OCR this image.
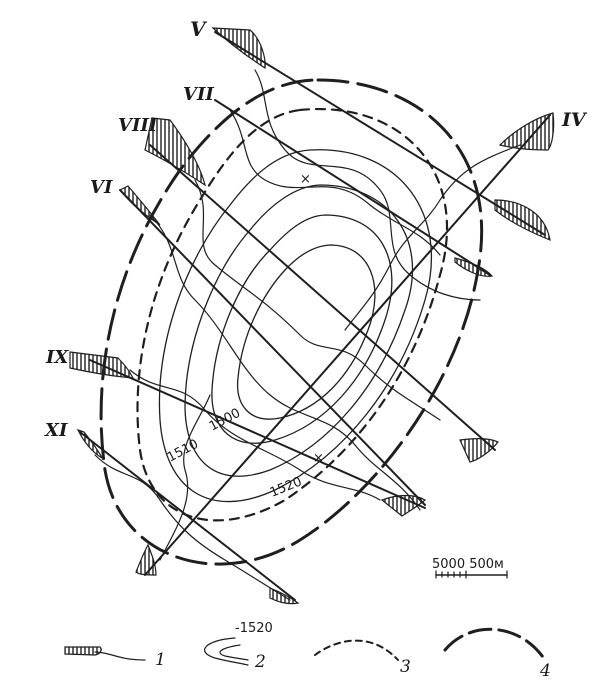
×
×
V
VII
VIII
VI
IV
IX
XI	1500
1510
1520
5000 500м
1
-1520
2	3	4
